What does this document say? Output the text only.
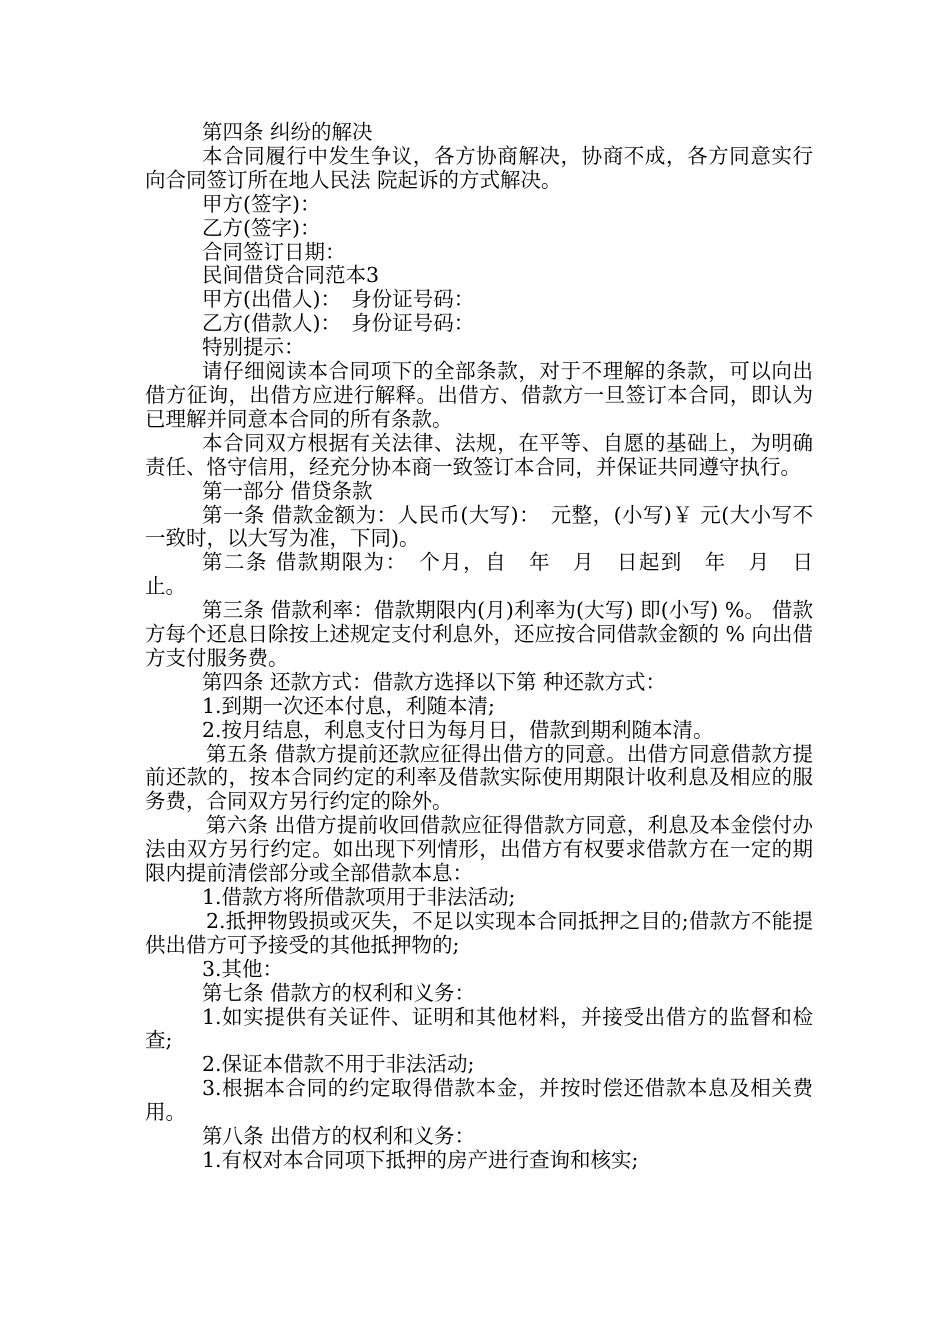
第四条 纠纷的解决

本合同履行中发生争议，各方协商解决，协商不成，各方同意实行向合同签订所在地人民法 院起诉的方式解决。

甲方(签字)：

乙方(签字)：

合同签订日期：

民间借贷合同范本3

甲方(出借人)：　身份证号码：

乙方(借款人)：　身份证号码：

特别提示：

请仔细阅读本合同项下的全部条款，对于不理解的条款，可以向出借方征询，出借方应进行解释。出借方、借款方一旦签订本合同，即认为已理解并同意本合同的所有条款。

本合同双方根据有关法律、法规，在平等、自愿的基础上，为明确责任、恪守信用，经充分协本商一致签订本合同，并保证共同遵守执行。

第一部分 借贷条款

第一条 借款金额为：人民币(大写)：　元整，(小写)￥ 元(大小写不一致时，以大写为准，下同)。

第二条 借款期限为：　个月，自　年　月　日起到　年　月　日止。

第三条 借款利率：借款期限内(月)利率为(大写) 即(小写) %。 借款方每个还息日除按上述规定支付利息外，还应按合同借款金额的 % 向出借方支付服务费。

第四条 还款方式：借款方选择以下第 种还款方式：

1.到期一次还本付息，利随本清;

2.按月结息，利息支付日为每月日，借款到期利随本清。

第五条 借款方提前还款应征得出借方的同意。出借方同意借款方提前还款的，按本合同约定的利率及借款实际使用期限计收利息及相应的服务费，合同双方另行约定的除外。

第六条 出借方提前收回借款应征得借款方同意，利息及本金偿付办法由双方另行约定。如出现下列情形，出借方有权要求借款方在一定的期限内提前清偿部分或全部借款本息：

1.借款方将所借款项用于非法活动;

2.抵押物毁损或灭失，不足以实现本合同抵押之目的;借款方不能提供出借方可予接受的其他抵押物的;

3.其他：

第七条 借款方的权利和义务：

1.如实提供有关证件、证明和其他材料，并接受出借方的监督和检查;

2.保证本借款不用于非法活动;

3.根据本合同的约定取得借款本金，并按时偿还借款本息及相关费用。

第八条 出借方的权利和义务：

1.有权对本合同项下抵押的房产进行查询和核实;
